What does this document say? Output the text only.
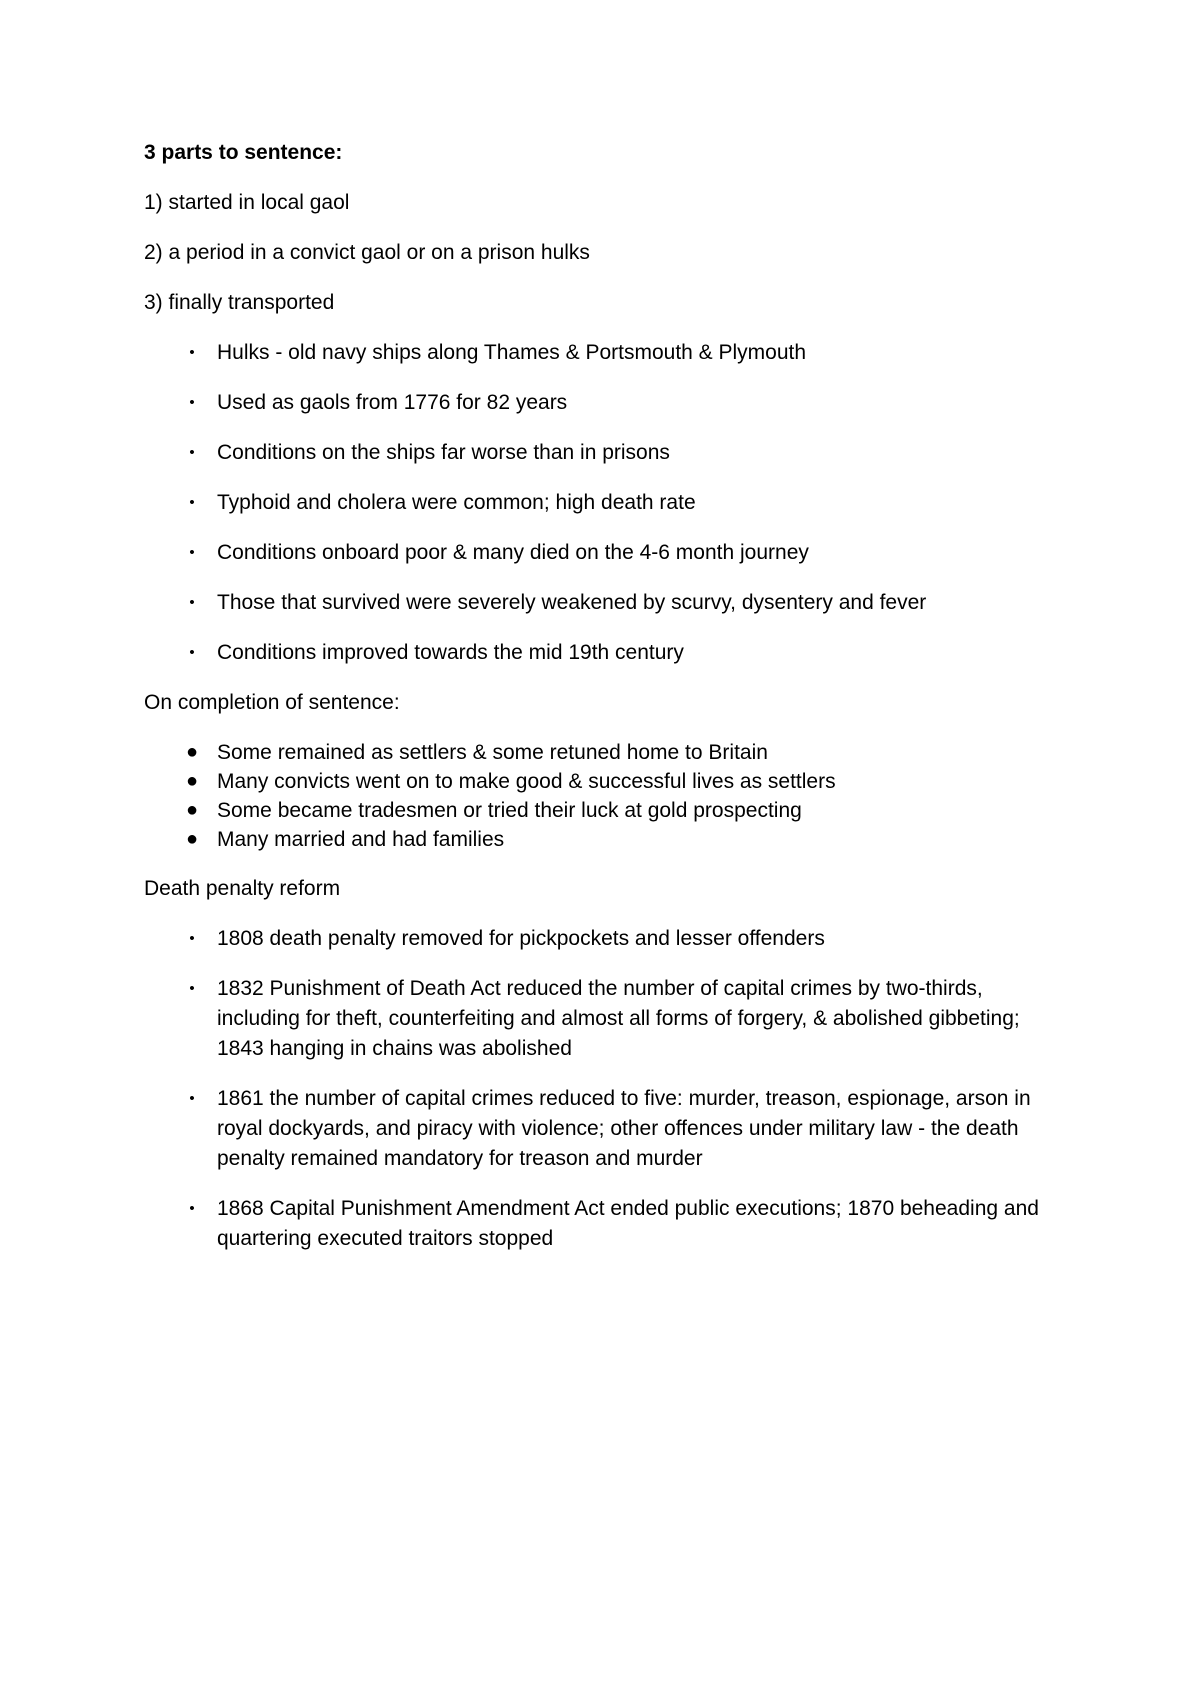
3 parts to sentence:
1) started in local gaol
2) a period in a convict gaol or on a prison hulks
3) finally transported
•	Hulks - old navy ships along Thames & Portsmouth & Plymouth
•	Used as gaols from 1776 for 82 years
•	Conditions on the ships far worse than in prisons
•	Typhoid and cholera were common; high death rate
•	Conditions onboard poor & many died on the 4-6 month journey
•	Those that survived were severely weakened by scurvy, dysentery and fever
•	Conditions improved towards the mid 19th century
On completion of sentence:
● Some remained as settlers & some retuned home to Britain
● Many convicts went on to make good & successful lives as settlers
● Some became tradesmen or tried their luck at gold prospecting
● Many married and had families
Death penalty reform
•	1808 death penalty removed for pickpockets and lesser offenders
•	1832 Punishment of Death Act reduced the number of capital crimes by two-thirds, including for theft, counterfeiting and almost all forms of forgery, & abolished gibbeting; 1843 hanging in chains was abolished
•	1861 the number of capital crimes reduced to five: murder, treason, espionage, arson in royal dockyards, and piracy with violence; other offences under military law - the death penalty remained mandatory for treason and murder
•	1868 Capital Punishment Amendment Act ended public executions; 1870 beheading and quartering executed traitors stopped
